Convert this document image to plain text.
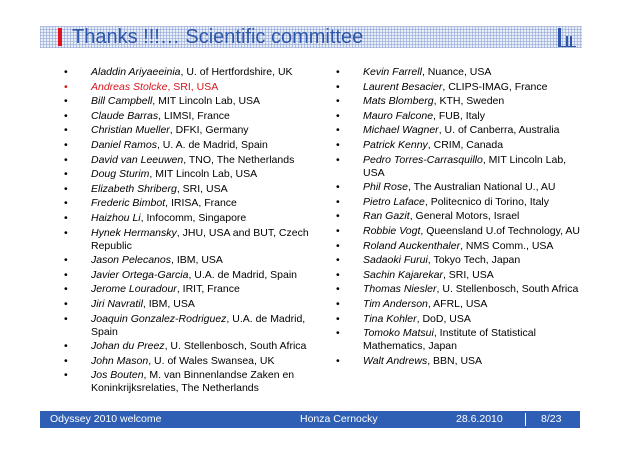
Thanks !!!… Scientific committee
• Aladdin Ariyaeeinia, U. of Hertfordshire, UK
• Andreas Stolcke, SRI, USA
• Bill Campbell, MIT Lincoln Lab, USA
• Claude Barras, LIMSI, France
• Christian Mueller, DFKI, Germany
• Daniel Ramos, U. A. de Madrid, Spain
• David van Leeuwen, TNO, The Netherlands
• Doug Sturim, MIT Lincoln Lab, USA
• Elizabeth Shriberg, SRI, USA
• Frederic Bimbot, IRISA, France
• Haizhou Li, Infocomm, Singapore
• Hynek Hermansky, JHU, USA and BUT, Czech Republic
• Jason Pelecanos, IBM, USA
• Javier Ortega-Garcia, U.A. de Madrid, Spain
• Jerome Louradour, IRIT, France
• Jiri Navratil, IBM, USA
• Joaquin Gonzalez-Rodriguez, U.A. de Madrid, Spain
• Johan du Preez, U. Stellenbosch, South Africa
• John Mason, U. of Wales Swansea, UK
• Jos Bouten, M. van Binnenlandse Zaken en Koninkrijksrelaties, The Netherlands
• Kevin Farrell, Nuance, USA
• Laurent Besacier, CLIPS-IMAG, France
• Mats Blomberg, KTH, Sweden
• Mauro Falcone, FUB, Italy
• Michael Wagner, U. of Canberra, Australia
• Patrick Kenny, CRIM, Canada
• Pedro Torres-Carrasquillo, MIT Lincoln Lab, USA
• Phil Rose, The Australian National U., AU
• Pietro Laface, Politecnico di Torino, Italy
• Ran Gazit, General Motors, Israel
• Robbie Vogt, Queensland U.of Technology, AU
• Roland Auckenthaler, NMS Comm., USA
• Sadaoki Furui, Tokyo Tech, Japan
• Sachin Kajarekar, SRI, USA
• Thomas Niesler, U. Stellenbosch, South Africa
• Tim Anderson, AFRL, USA
• Tina Kohler, DoD, USA
• Tomoko Matsui, Institute of Statistical Mathematics, Japan
• Walt Andrews, BBN, USA
Odyssey 2010 welcome	Honza Cernocky	28.6.2010	8/23
